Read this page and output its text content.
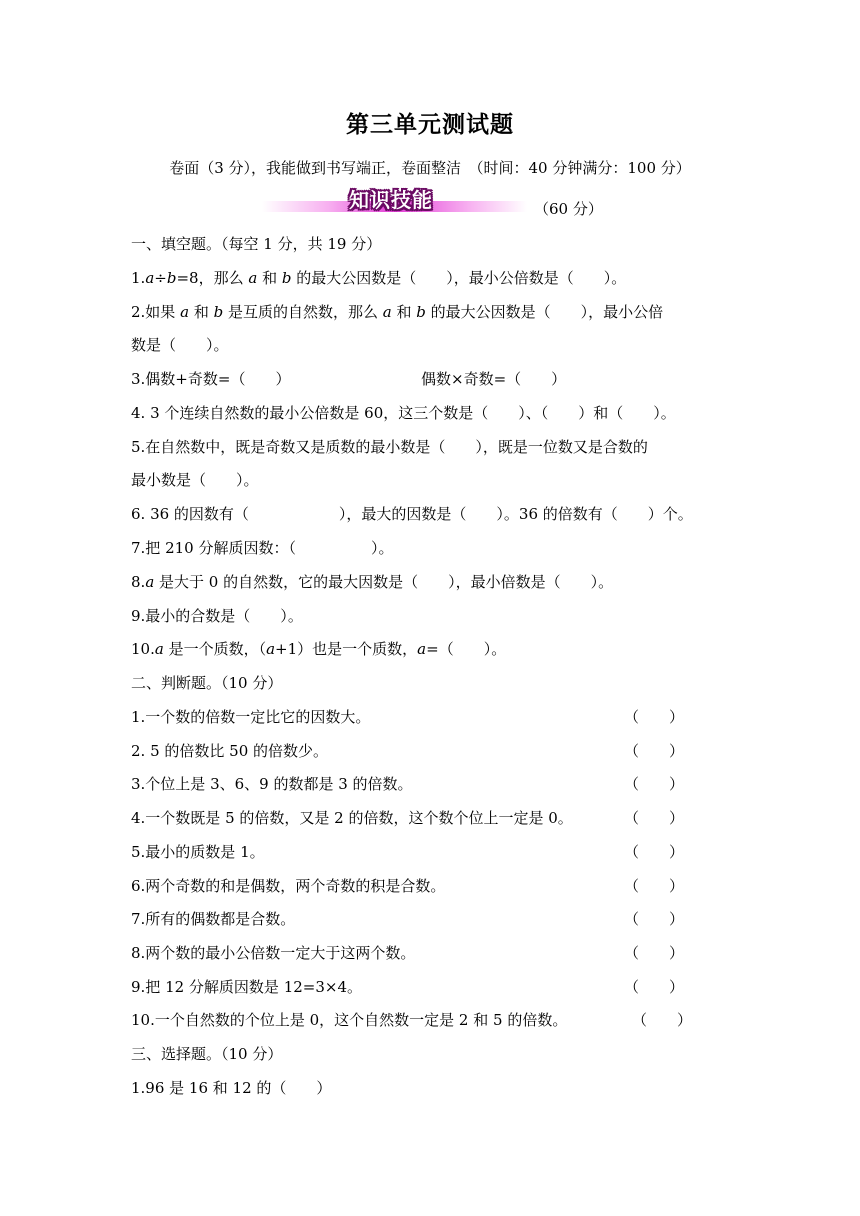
第三单元测试题
卷面（3 分），我能做到书写端正，卷面整洁　（时间：40 分钟满分：100 分）
知识技能	（60 分）
一、填空题。（每空 1 分，共 19 分）
1.a÷b=8，那么 a 和 b 的最大公因数是（　　），最小公倍数是（　　）。
2.如果 a 和 b 是互质的自然数，那么 a 和 b 的最大公因数是（　　），最小公倍
数是（　　）。
3.偶数+奇数=（　　）	偶数×奇数=（　　）
4. 3 个连续自然数的最小公倍数是 60，这三个数是（　　）、（　　）和（　　）。
5.在自然数中，既是奇数又是质数的最小数是（　　），既是一位数又是合数的
最小数是（　　）。
6. 36 的因数有（　　　　　　），最大的因数是（　　）。36 的倍数有（　　）个。
7.把 210 分解质因数：（　　　　　）。
8.a 是大于 0 的自然数，它的最大因数是（　　），最小倍数是（　　）。
9.最小的合数是（　　）。
10.a 是一个质数，（a+1）也是一个质数，a=（　　）。
二、判断题。（10 分）
1.一个数的倍数一定比它的因数大。	（　　）
2. 5 的倍数比 50 的倍数少。	（　　）
3.个位上是 3、6、9 的数都是 3 的倍数。	（　　）
4.一个数既是 5 的倍数，又是 2 的倍数，这个数个位上一定是 0。	（　　）
5.最小的质数是 1。	（　　）
6.两个奇数的和是偶数，两个奇数的积是合数。	（　　）
7.所有的偶数都是合数。	（　　）
8.两个数的最小公倍数一定大于这两个数。	（　　）
9.把 12 分解质因数是 12=3×4。	（　　）
10.一个自然数的个位上是 0，这个自然数一定是 2 和 5 的倍数。	（　　）
三、选择题。（10 分）
1.96 是 16 和 12 的（　　）
